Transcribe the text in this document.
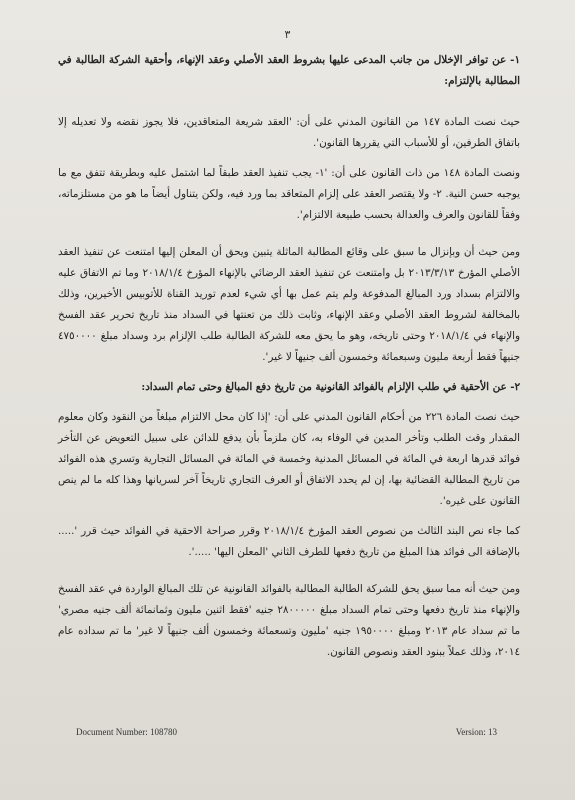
٣

١- عن توافر الإخلال من جانب المدعى عليها بشروط العقد الأصلي وعقد الإنهاء، وأحقية الشركة الطالبة في المطالبة بالإلتزام:

حيث نصت المادة ١٤٧ من القانون المدني على أن: 'العقد شريعة المتعاقدين، فلا يجوز نقضه ولا تعديله إلا باتفاق الطرفين، أو للأسباب التي يقررها القانون'.

ونصت المادة ١٤٨ من ذات القانون على أن: '١- يجب تنفيذ العقد طبقاً لما اشتمل عليه وبطريقة تتفق مع ما يوجبه حسن النية. ٢- ولا يقتصر العقد على إلزام المتعاقد بما ورد فيه، ولكن يتناول أيضاً ما هو من مستلزماته، وفقاً للقانون والعرف والعدالة بحسب طبيعة الالتزام'.

ومن حيث أن وبإنزال ما سبق على وقائع المطالبة الماثلة يتبين ويحق أن المعلن إليها امتنعت عن تنفيذ العقد الأصلي المؤرخ ٢٠١٣/٣/١٣ بل وامتنعت عن تنفيذ العقد الرضائي بالإنهاء المؤرخ ٢٠١٨/١/٤ وما تم الاتفاق عليه والالتزام بسداد ورد المبالغ المدفوعة ولم يتم عمل بها أي شيء لعدم توريد القناة للأتوبيس الأخيرين، وذلك بالمخالفة لشروط العقد الأصلي وعقد الإنهاء، وثابت ذلك من تعنتها في السداد منذ تاريخ تحرير عقد الفسخ والإنهاء في ٢٠١٨/١/٤ وحتى تاريخه، وهو ما يحق معه للشركة الطالبة طلب الإلزام برد وسداد مبلغ ٤٧٥٠٠٠٠ جنيهاً فقط أربعة مليون وسبعمائة وخمسون ألف جنيهاً لا غير'.

٢- عن الأحقية في طلب الإلزام بالفوائد القانونية من تاريخ دفع المبالغ وحتى تمام السداد:

حيث نصت المادة ٢٢٦ من أحكام القانون المدني على أن: 'إذا كان محل الالتزام مبلغاً من النقود وكان معلوم المقدار وقت الطلب وتأخر المدين في الوفاء به، كان ملزماً بأن يدفع للدائن على سبيل التعويض عن التأخر فوائد قدرها اربعة في المائة في المسائل المدنية وخمسة في المائة في المسائل التجارية وتسري هذه الفوائد من تاريخ المطالبة القضائية بها، إن لم يحدد الاتفاق أو العرف التجاري تاريخاً آخر لسريانها وهذا كله ما لم ينص القانون على غيره'.

كما جاء نص البند الثالث من نصوص العقد المؤرخ ٢٠١٨/١/٤ وقرر صراحة الاحقية في الفوائد حيث قرر '..... بالإضافة الى فوائد هذا المبلغ من تاريخ دفعها للطرف الثاني 'المعلن اليها' .....'.

ومن حيث أنه مما سبق يحق للشركة الطالبة المطالبة بالفوائد القانونية عن تلك المبالغ الواردة في عقد الفسخ والإنهاء منذ تاريخ دفعها وحتى تمام السداد مبلغ ٢٨٠٠٠٠٠ جنيه 'فقط اثنين مليون وثمانمائة ألف جنيه مصري' ما تم سداد عام ٢٠١٣ ومبلغ ١٩٥٠٠٠٠ جنيه 'مليون وتسعمائة وخمسون ألف جنيهاً لا غير' ما تم سداده عام ٢٠١٤، وذلك عملاً ببنود العقد ونصوص القانون.

Document Number: 108780	Version: 13
